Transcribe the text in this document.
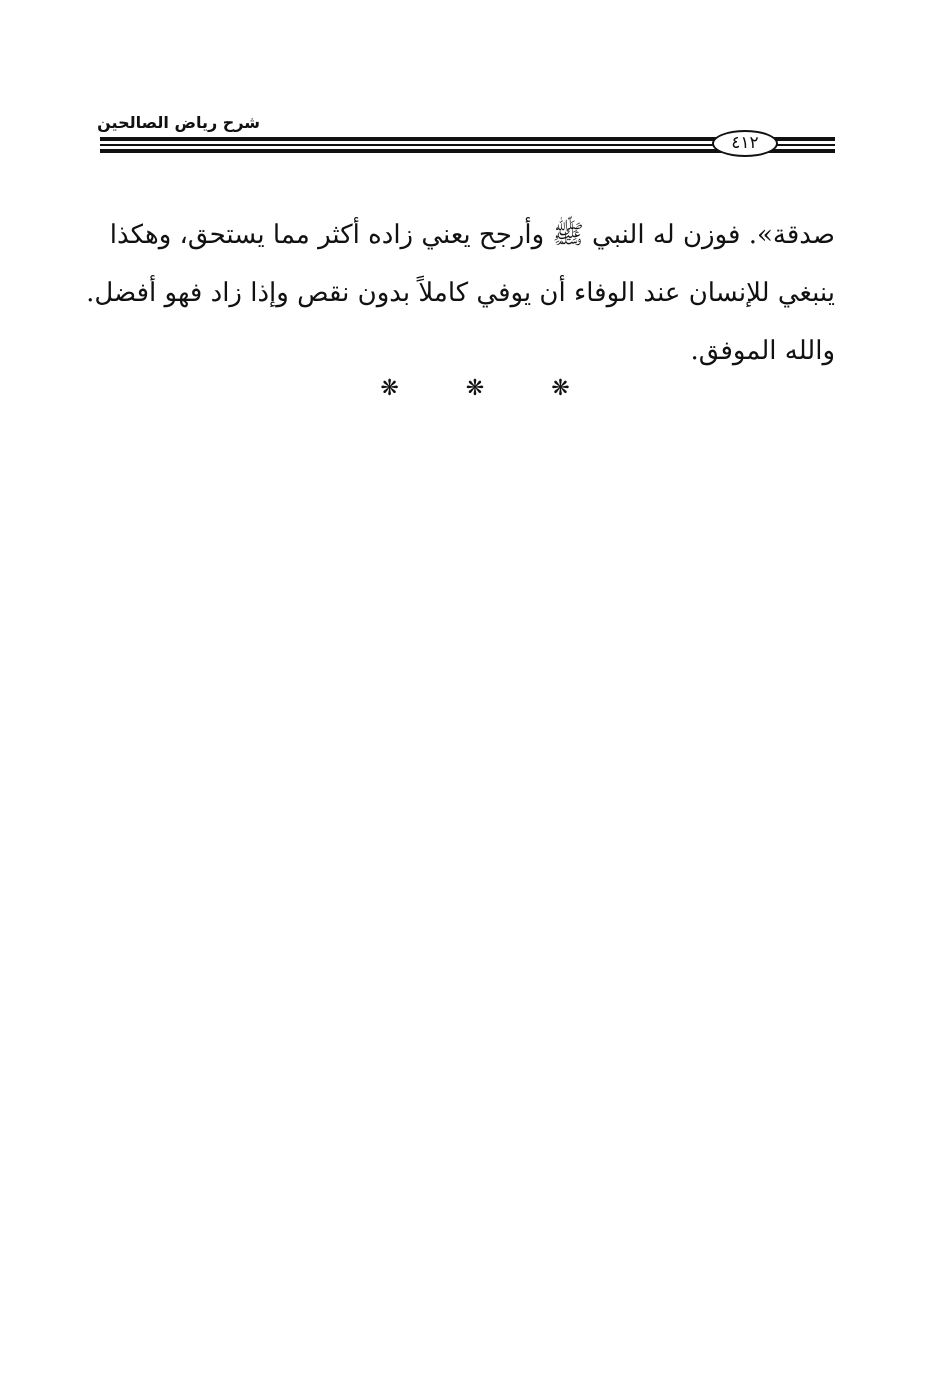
شرح رياض الصالحين
٤١٢
صدقة». فوزن له النبي ﷺ وأرجح يعني زاده أكثر مما يستحق، وهكذا
ينبغي للإنسان عند الوفاء أن يوفي كاملاً بدون نقص وإذا زاد فهو أفضل.
والله الموفق.
❋	❋	❋
